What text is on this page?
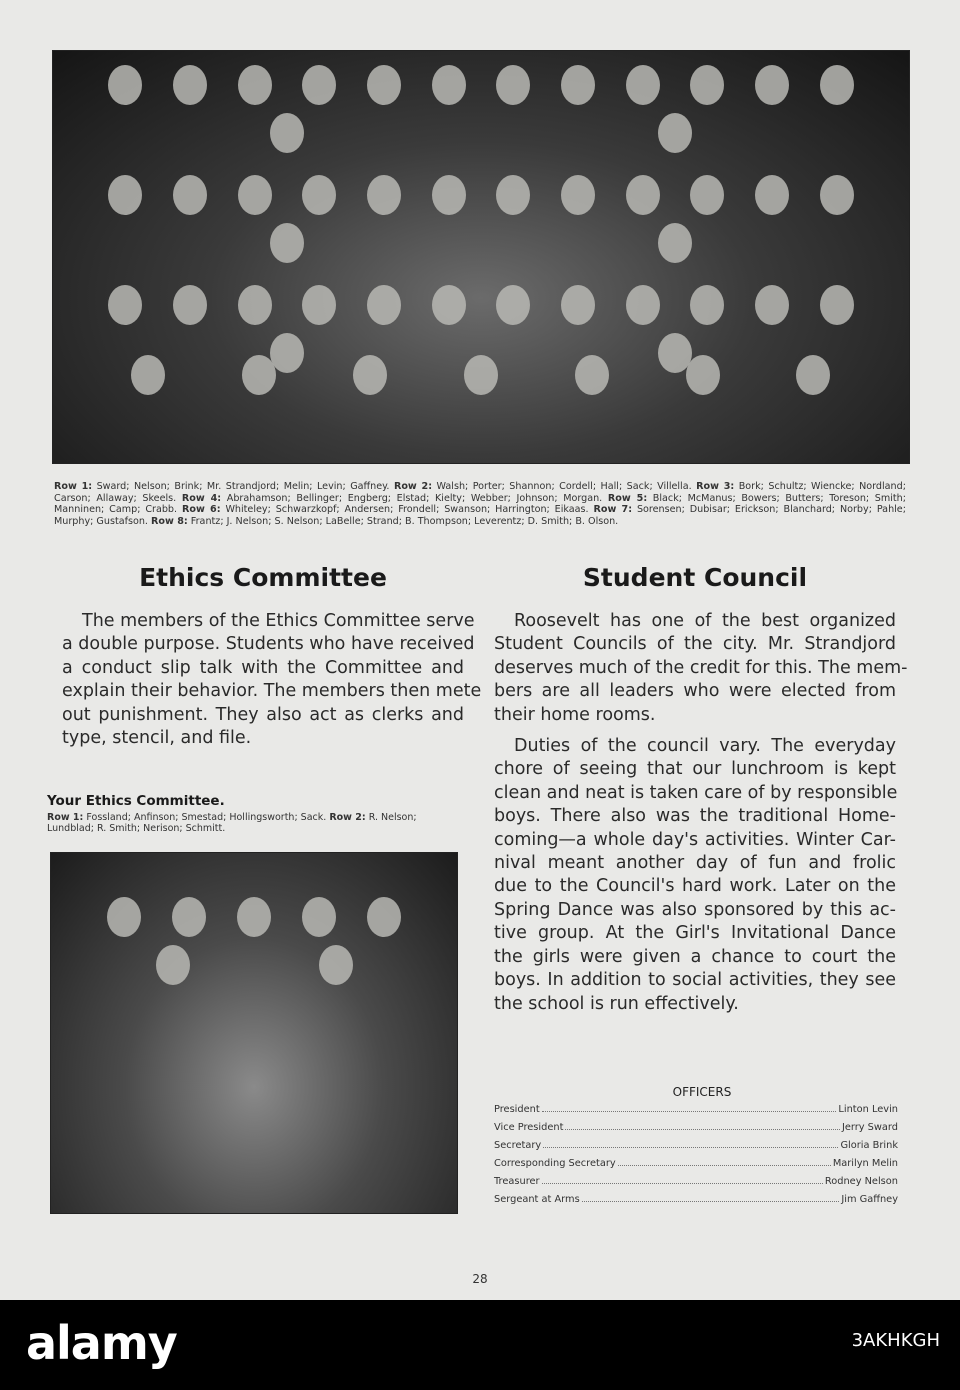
Row 1: Sward; Nelson; Brink; Mr. Strandjord; Melin; Levin; Gaffney. Row 2: Walsh; Porter; Shannon; Cordell; Hall; Sack; Villella. Row 3: Bork; Schultz; Wiencke; Nordland; Carson; Allaway; Skeels. Row 4: Abrahamson; Bellinger; Engberg; Elstad; Kielty; Webber; Johnson; Morgan. Row 5: Black; McManus; Bowers; Butters; Toreson; Smith; Manninen; Camp; Crabb. Row 6: Whiteley; Schwarzkopf; Andersen; Frondell; Swanson; Harrington; Eikaas. Row 7: Sorensen; Dubisar; Erickson; Blanchard; Norby; Pahle; Murphy; Gustafson. Row 8: Frantz; J. Nelson; S. Nelson; LaBelle; Strand; B. Thompson; Leverentz; D. Smith; B. Olson.
Ethics Committee
The members of the Ethics Committee serve
a double purpose. Students who have received
a conduct slip talk with the Committee and
explain their behavior. The members then mete
out punishment. They also act as clerks and
type, stencil, and file.
Your Ethics Committee.
Row 1: Fossland; Anfinson; Smestad; Hollingsworth; Sack. Row 2: R. Nelson; Lundblad; R. Smith; Nerison; Schmitt.
Student Council
Roosevelt has one of the best organized
Student Councils of the city. Mr. Strandjord
deserves much of the credit for this. The mem-
bers are all leaders who were elected from
their home rooms.
Duties of the council vary. The everyday
chore of seeing that our lunchroom is kept
clean and neat is taken care of by responsible
boys. There also was the traditional Home-
coming—a whole day's activities. Winter Car-
nival meant another day of fun and frolic
due to the Council's hard work. Later on the
Spring Dance was also sponsored by this ac-
tive group. At the Girl's Invitational Dance
the girls were given a chance to court the
boys. In addition to social activities, they see
the school is run effectively.
OFFICERS
President	Linton Levin
Vice President	Jerry Sward
Secretary	Gloria Brink
Corresponding Secretary	Marilyn Melin
Treasurer	Rodney Nelson
Sergeant at Arms	Jim Gaffney
28
alamy	3AKHKGH
